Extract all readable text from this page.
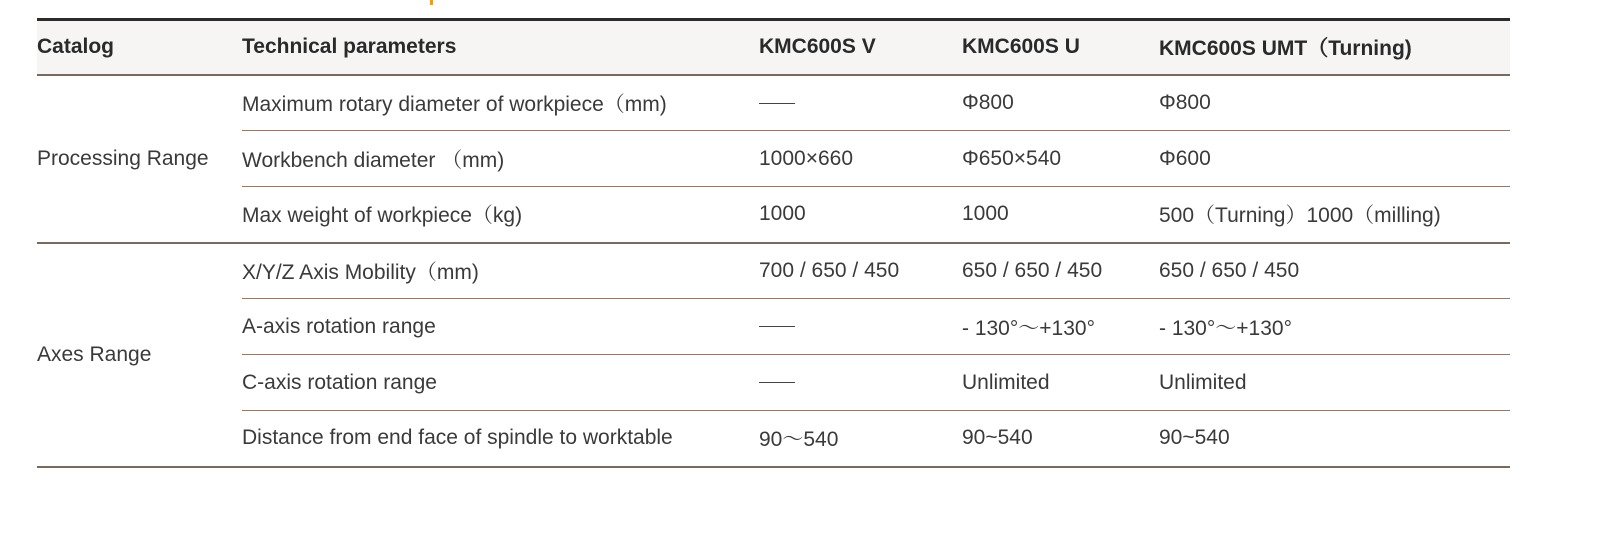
Catalog	Technical parameters	KMC600S V	KMC600S U	KMC600S UMT（Turning)
Processing Range	Maximum rotary diameter of workpiece（mm)		Φ800	Φ800
	Workbench diameter （mm)	1000×660	Φ650×540	Φ600
	Max weight of workpiece（kg)	1000	1000	500（Turning）1000（milling)
Axes Range	X/Y/Z Axis Mobility（mm)	700 / 650 / 450	650 / 650 / 450	650 / 650 / 450
	A-axis rotation range		- 130°～+130°	- 130°～+130°
	C-axis rotation range		Unlimited	Unlimited
	Distance from end face of spindle to worktable	90～540	90~540	90~540
